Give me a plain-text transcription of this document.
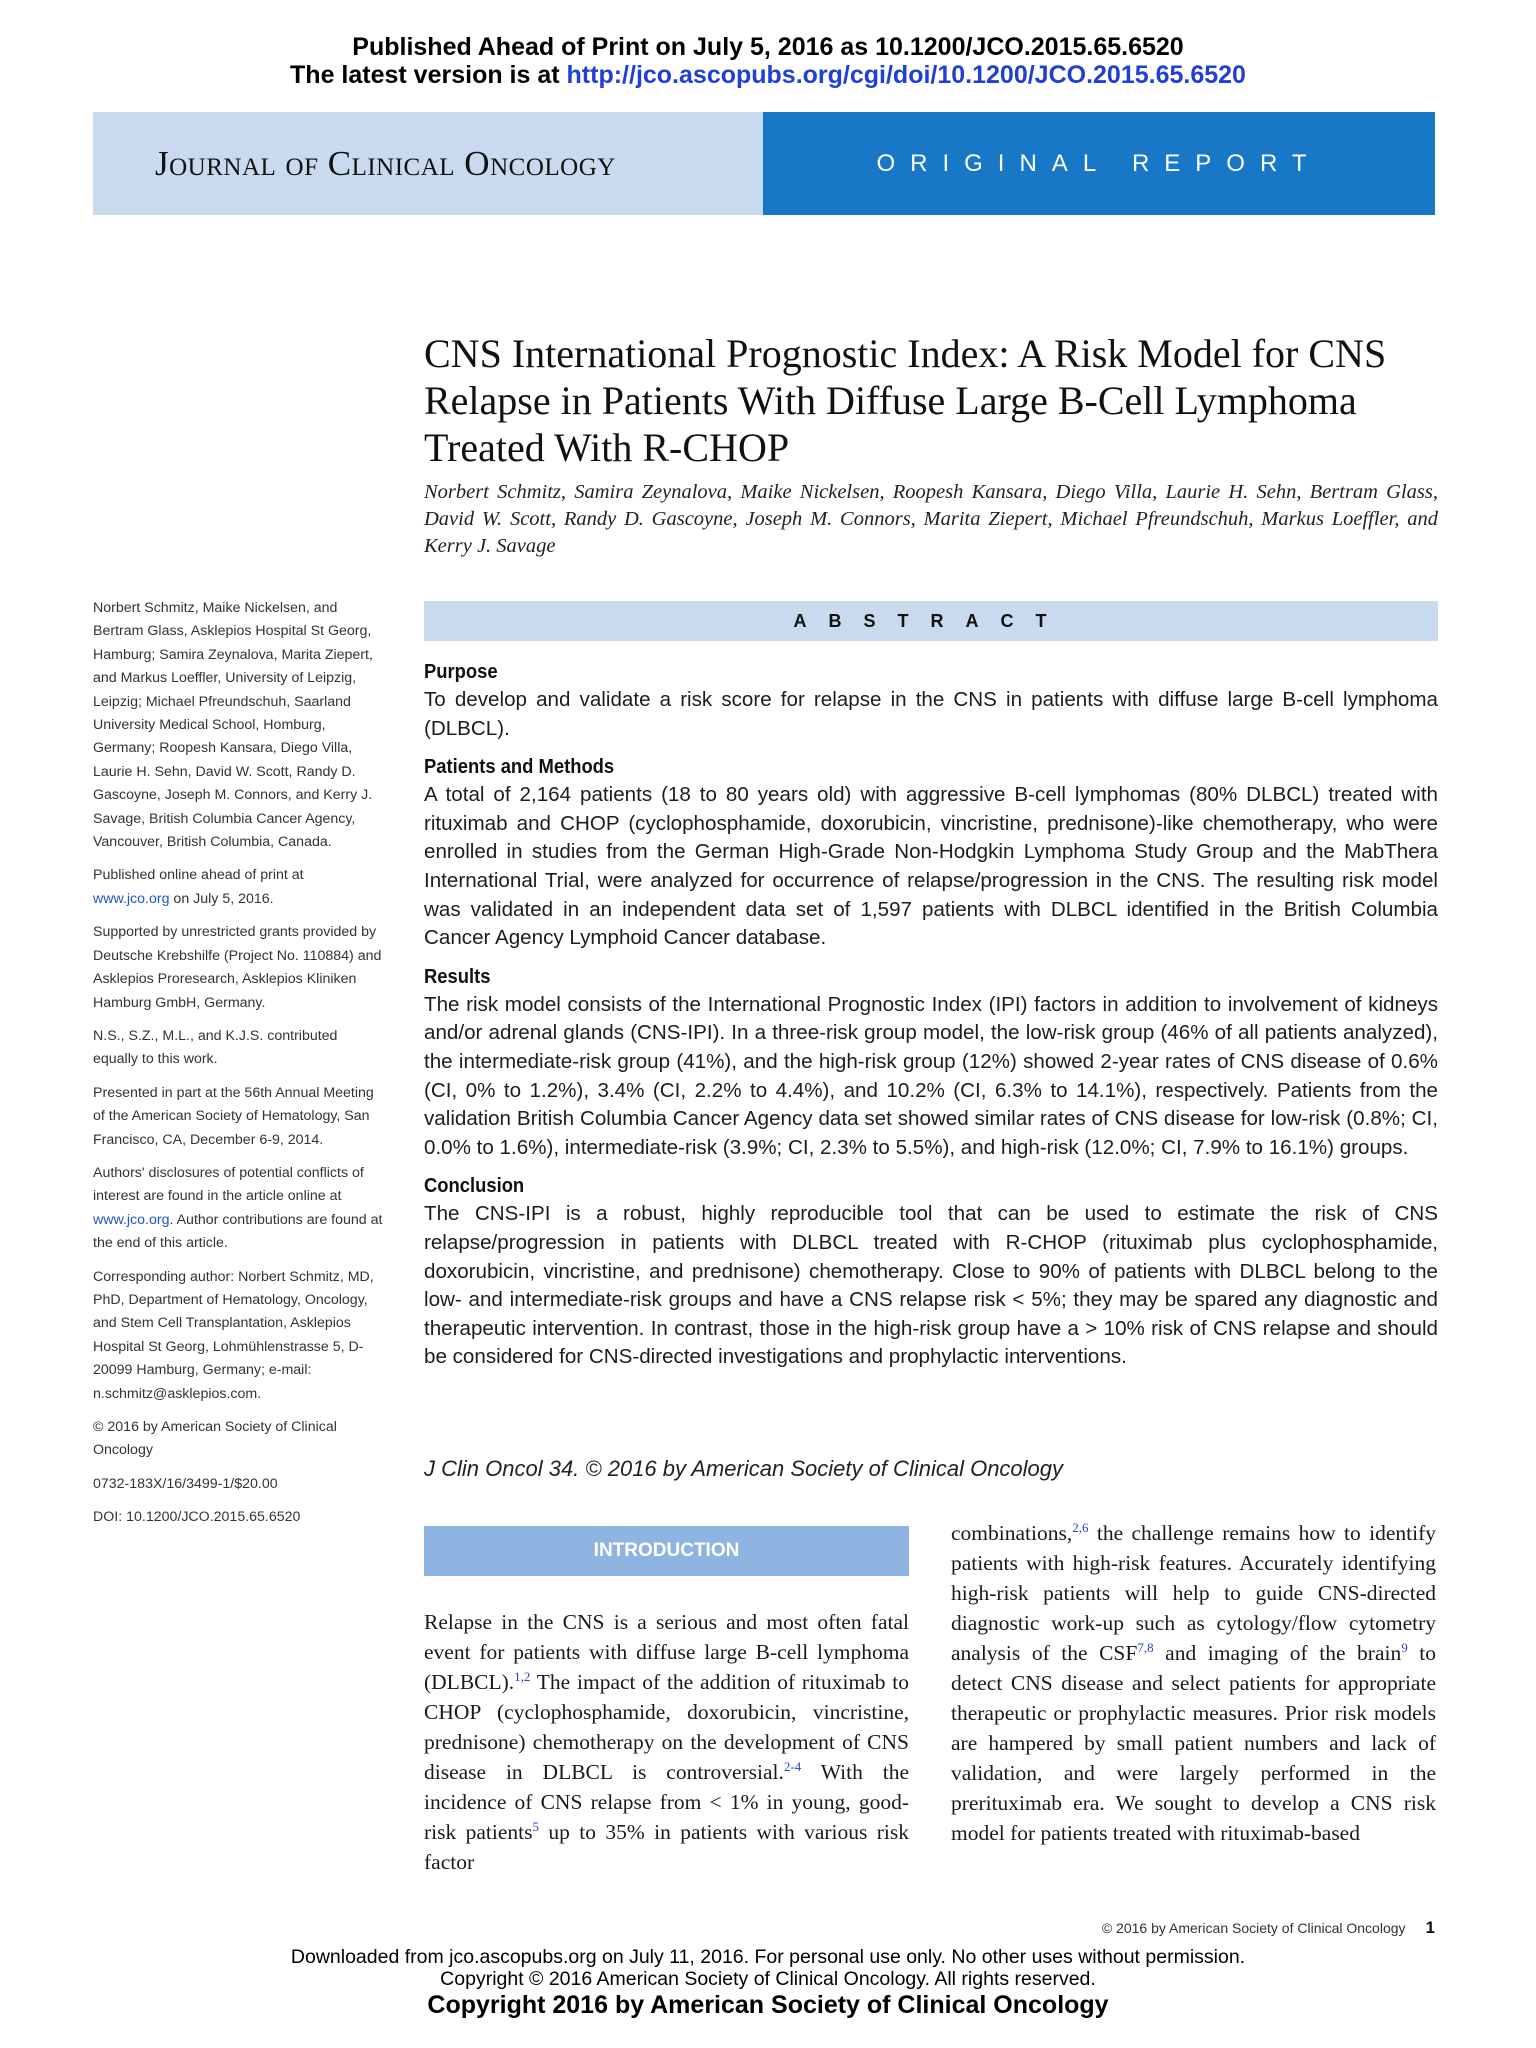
Published Ahead of Print on July 5, 2016 as 10.1200/JCO.2015.65.6520
The latest version is at http://jco.ascopubs.org/cgi/doi/10.1200/JCO.2015.65.6520
Journal of Clinical Oncology	ORIGINAL REPORT
CNS International Prognostic Index: A Risk Model for CNS Relapse in Patients With Diffuse Large B-Cell Lymphoma Treated With R-CHOP
Norbert Schmitz, Samira Zeynalova, Maike Nickelsen, Roopesh Kansara, Diego Villa, Laurie H. Sehn, Bertram Glass, David W. Scott, Randy D. Gascoyne, Joseph M. Connors, Marita Ziepert, Michael Pfreundschuh, Markus Loeffler, and Kerry J. Savage

Norbert Schmitz, Maike Nickelsen, and Bertram Glass, Asklepios Hospital St Georg, Hamburg; Samira Zeynalova, Marita Ziepert, and Markus Loeffler, University of Leipzig, Leipzig; Michael Pfreundschuh, Saarland University Medical School, Homburg, Germany; Roopesh Kansara, Diego Villa, Laurie H. Sehn, David W. Scott, Randy D. Gascoyne, Joseph M. Connors, and Kerry J. Savage, British Columbia Cancer Agency, Vancouver, British Columbia, Canada.

Published online ahead of print at
www.jco.org on July 5, 2016.

Supported by unrestricted grants provided by Deutsche Krebshilfe (Project No. 110884) and Asklepios Proresearch, Asklepios Kliniken Hamburg GmbH, Germany.

N.S., S.Z., M.L., and K.J.S. contributed equally to this work.

Presented in part at the 56th Annual Meeting of the American Society of Hematology, San Francisco, CA, December 6-9, 2014.

Authors' disclosures of potential conflicts of interest are found in the article online at www.jco.org. Author contributions are found at the end of this article.

Corresponding author: Norbert Schmitz, MD, PhD, Department of Hematology, Oncology, and Stem Cell Transplantation, Asklepios Hospital St Georg, Lohmühlenstrasse 5, D-20099 Hamburg, Germany; e-mail: n.schmitz@asklepios.com.

© 2016 by American Society of Clinical Oncology

0732-183X/16/3499-1/$20.00

DOI: 10.1200/JCO.2015.65.6520

ABSTRACT
Purpose

To develop and validate a risk score for relapse in the CNS in patients with diffuse large B-cell lymphoma (DLBCL).

Patients and Methods

A total of 2,164 patients (18 to 80 years old) with aggressive B-cell lymphomas (80% DLBCL) treated with rituximab and CHOP (cyclophosphamide, doxorubicin, vincristine, prednisone)-like chemotherapy, who were enrolled in studies from the German High-Grade Non-Hodgkin Lymphoma Study Group and the MabThera International Trial, were analyzed for occurrence of relapse/progression in the CNS. The resulting risk model was validated in an independent data set of 1,597 patients with DLBCL identified in the British Columbia Cancer Agency Lymphoid Cancer database.

Results

The risk model consists of the International Prognostic Index (IPI) factors in addition to involvement of kidneys and/or adrenal glands (CNS-IPI). In a three-risk group model, the low-risk group (46% of all patients analyzed), the intermediate-risk group (41%), and the high-risk group (12%) showed 2-year rates of CNS disease of 0.6% (CI, 0% to 1.2%), 3.4% (CI, 2.2% to 4.4%), and 10.2% (CI, 6.3% to 14.1%), respectively. Patients from the validation British Columbia Cancer Agency data set showed similar rates of CNS disease for low-risk (0.8%; CI, 0.0% to 1.6%), intermediate-risk (3.9%; CI, 2.3% to 5.5%), and high-risk (12.0%; CI, 7.9% to 16.1%) groups.

Conclusion

The CNS-IPI is a robust, highly reproducible tool that can be used to estimate the risk of CNS relapse/progression in patients with DLBCL treated with R-CHOP (rituximab plus cyclophosphamide, doxorubicin, vincristine, and prednisone) chemotherapy. Close to 90% of patients with DLBCL belong to the low- and intermediate-risk groups and have a CNS relapse risk < 5%; they may be spared any diagnostic and therapeutic intervention. In contrast, those in the high-risk group have a > 10% risk of CNS relapse and should be considered for CNS-directed investigations and prophylactic interventions.

J Clin Oncol 34. © 2016 by American Society of Clinical Oncology
INTRODUCTION
Relapse in the CNS is a serious and most often fatal event for patients with diffuse large B-cell lymphoma (DLBCL).$^{1,2}$ The impact of the addition of rituximab to CHOP (cyclophosphamide, doxorubicin, vincristine, prednisone) chemotherapy on the development of CNS disease in DLBCL is controversial.$^{2-4}$ With the incidence of CNS relapse from < 1% in young, good-risk patients$^5$ up to 35% in patients with various risk factor
combinations,$^{2,6}$ the challenge remains how to identify patients with high-risk features. Accurately identifying high-risk patients will help to guide CNS-directed diagnostic work-up such as cytology/flow cytometry analysis of the CSF$^{7,8}$ and imaging of the brain$^9$ to detect CNS disease and select patients for appropriate therapeutic or prophylactic measures. Prior risk models are hampered by small patient numbers and lack of validation, and were largely performed in the prerituximab era. We sought to develop a CNS risk model for patients treated with rituximab-based
© 2016 by American Society of Clinical Oncology 1
Downloaded from jco.ascopubs.org on July 11, 2016. For personal use only. No other uses without permission.
Copyright © 2016 American Society of Clinical Oncology. All rights reserved.
Copyright 2016 by American Society of Clinical Oncology
